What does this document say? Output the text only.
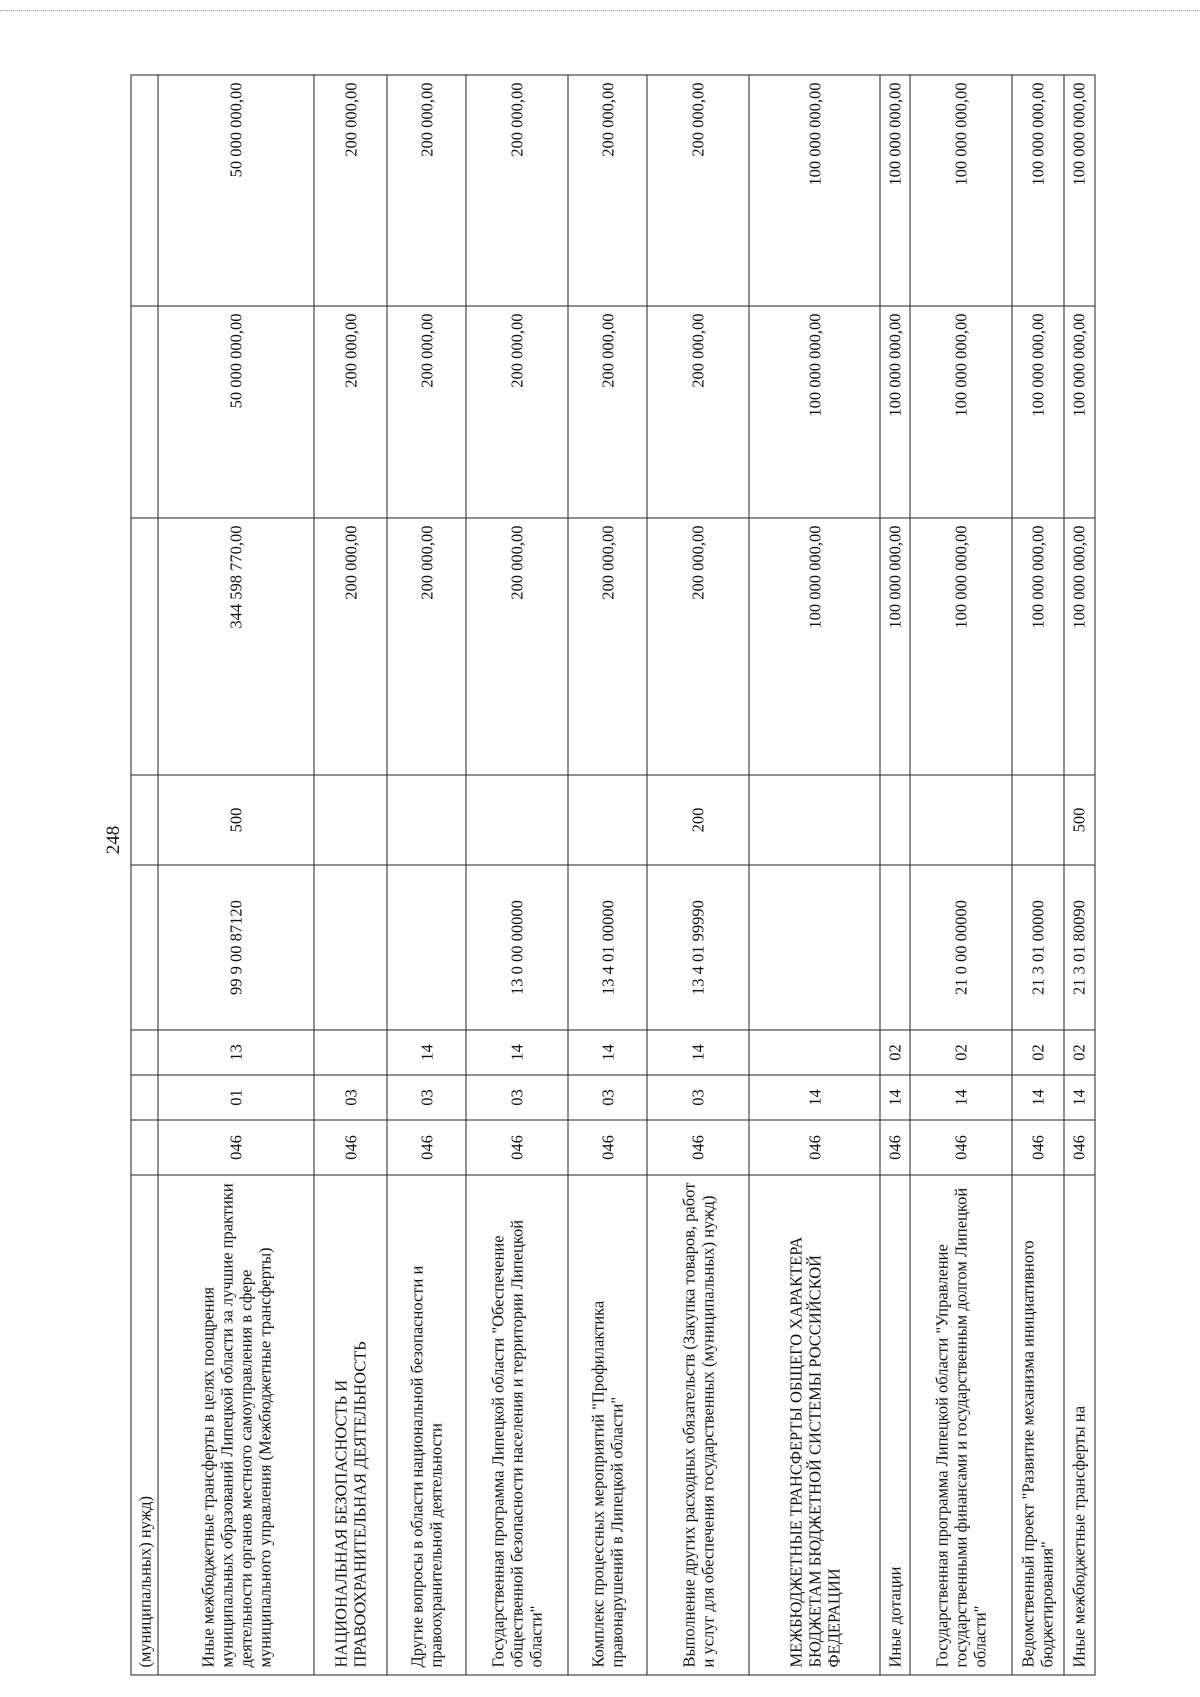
248
(муниципальных) нужд)								
Иные межбюджетные трансферты в целях поощрения муниципальных образований Липецкой области за лучшие практики деятельности органов местного самоуправления в сфере муниципального управления (Межбюджетные трансферты)	046	01	13	99 9 00 87120	500	344 598 770,00	50 000 000,00	50 000 000,00
НАЦИОНАЛЬНАЯ БЕЗОПАСНОСТЬ И ПРАВООХРАНИТЕЛЬНАЯ ДЕЯТЕЛЬНОСТЬ	046	03				200 000,00	200 000,00	200 000,00
Другие вопросы в области национальной безопасности и правоохранительной деятельности	046	03	14			200 000,00	200 000,00	200 000,00
Государственная программа Липецкой области "Обеспечение общественной безопасности населения и территории Липецкой области"	046	03	14	13 0 00 00000		200 000,00	200 000,00	200 000,00
Комплекс процессных мероприятий "Профилактика правонарушений в Липецкой области"	046	03	14	13 4 01 00000		200 000,00	200 000,00	200 000,00
Выполнение других расходных обязательств (Закупка товаров, работ и услуг для обеспечения государственных (муниципальных) нужд)	046	03	14	13 4 01 99990	200	200 000,00	200 000,00	200 000,00
МЕЖБЮДЖЕТНЫЕ ТРАНСФЕРТЫ ОБЩЕГО ХАРАКТЕРА БЮДЖЕТАМ БЮДЖЕТНОЙ СИСТЕМЫ РОССИЙСКОЙ ФЕДЕРАЦИИ	046	14				100 000 000,00	100 000 000,00	100 000 000,00
Иные дотации	046	14	02			100 000 000,00	100 000 000,00	100 000 000,00
Государственная программа Липецкой области "Управление государственными финансами и государственным долгом Липецкой области"	046	14	02	21 0 00 00000		100 000 000,00	100 000 000,00	100 000 000,00
Ведомственный проект "Развитие механизма инициативного бюджетирования"	046	14	02	21 3 01 00000		100 000 000,00	100 000 000,00	100 000 000,00
Иные межбюджетные трансферты на	046	14	02	21 3 01 80090	500	100 000 000,00	100 000 000,00	100 000 000,00
